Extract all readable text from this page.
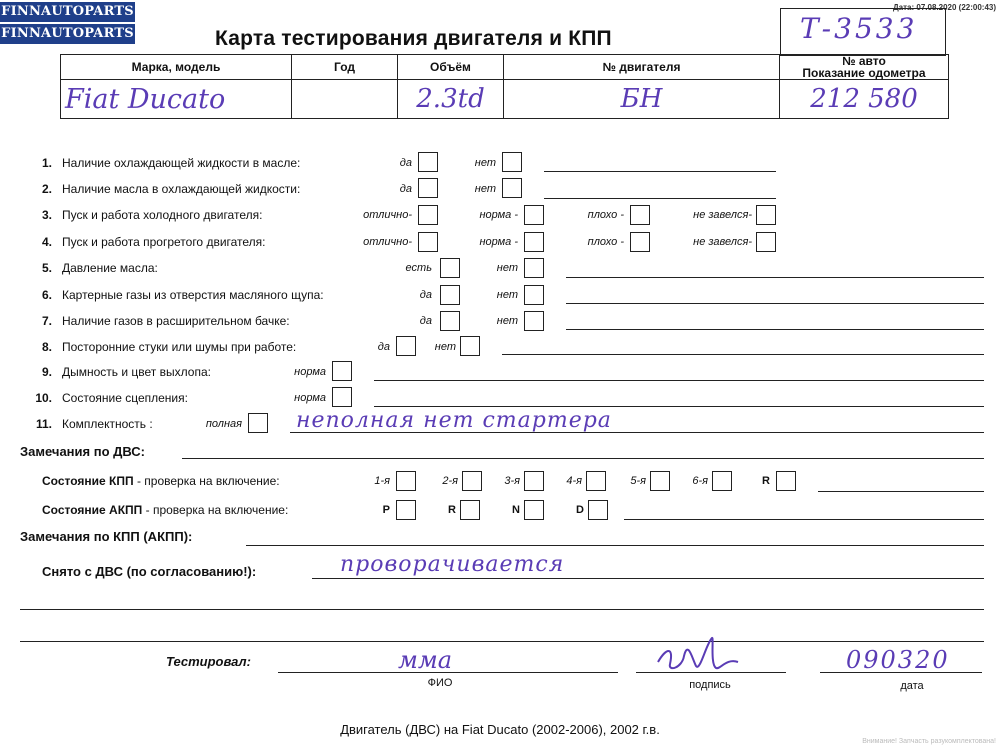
FINNAUTOPARTS
FINNAUTOPARTS
Дата: 07.08.2020 (22:00:43)
Карта тестирования двигателя и КПП	Т-3533
Марка, модель	Год	Объём	№ двигателя	№ авто
Показание одометра

Fiat Ducato		2.3td	БН	212 580
1. Наличие охлаждающей жидкости в масле:	да	нет
2. Наличие масла в охлаждающей жидкости:	да	нет
3. Пуск и работа холодного двигателя:	отлично-	норма -	плохо -	не завелся-
4. Пуск и работа прогретого двигателя:	отлично-	норма -	плохо -	не завелся-
5. Давление масла:	есть	нет
6. Картерные газы из отверстия масляного щупа:	да	нет
7. Наличие газов в расширительном бачке:	да	нет
8. Посторонние стуки или шумы при работе:	да	нет
9. Дымность и цвет выхлопа:	норма
10. Состояние сцепления:	норма
11. Комплектность :	полная неполная нет стартера
Замечания по ДВС:
Состояние КПП - проверка на включение:	1-я	2-я	3-я	4-я	5-я	6-я	R
Состояние АКПП - проверка на включение:	P	R	N	D
Замечания по КПП (АКПП):
Снято с ДВС (по согласованию!):	проворачивается
Тестировал:	мма	090320
ФИО	подпись	дата
Двигатель (ДВС) на Fiat Ducato (2002-2006), 2002 г.в.
Внимание! Запчасть разукомплектована!
